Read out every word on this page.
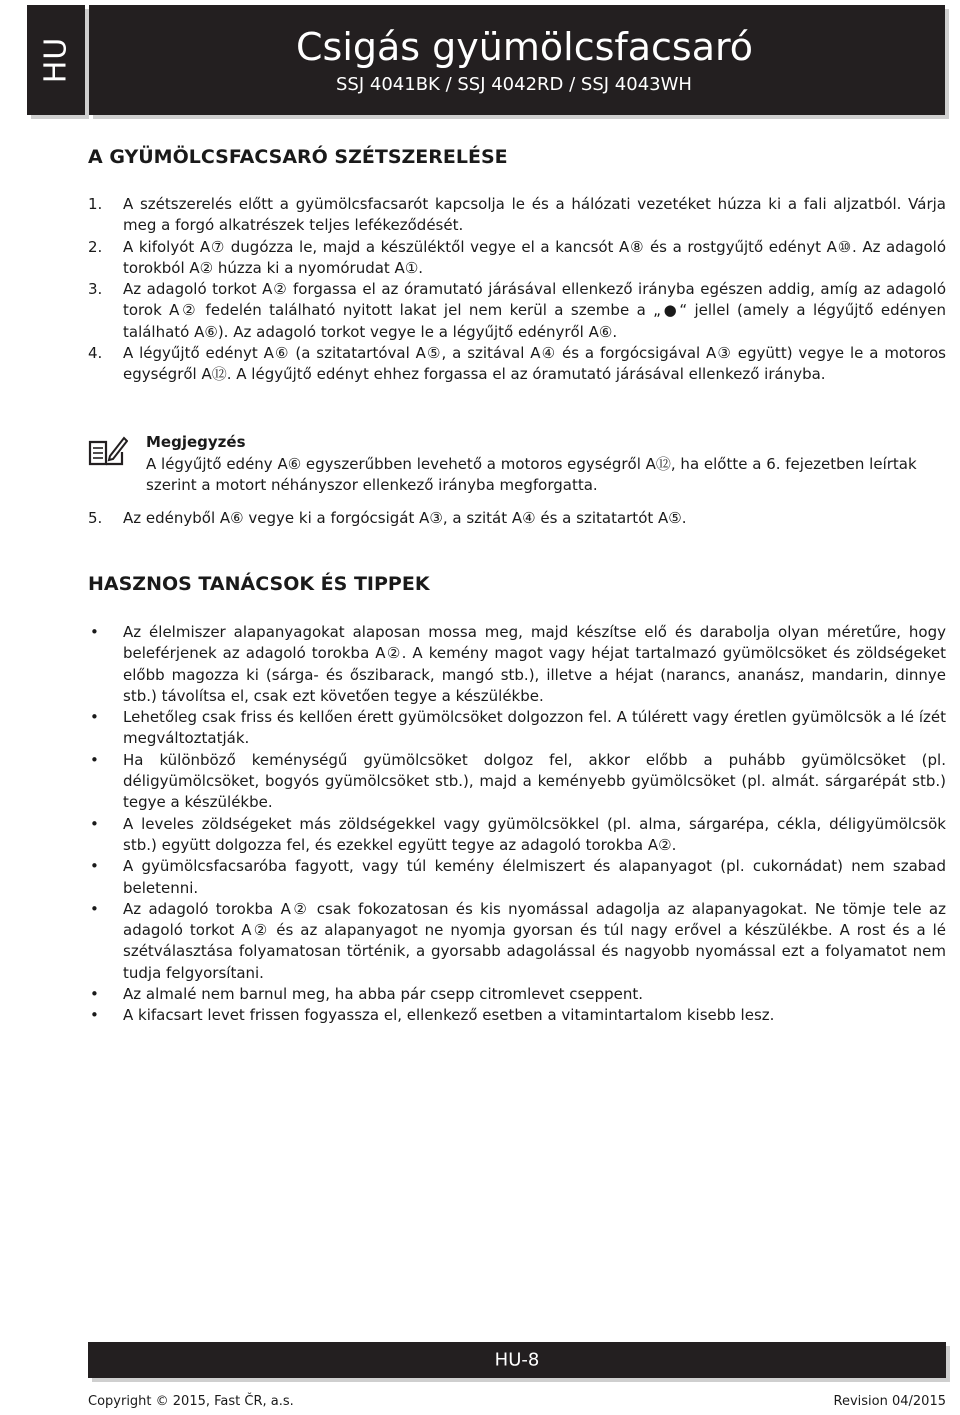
HU	Csigás gyümölcsfacsaró
SSJ 4041BK / SSJ 4042RD / SSJ 4043WH
A GYÜMÖLCSFACSARÓ SZÉTSZERELÉSE
1. A szétszerelés előtt a gyümölcsfacsarót kapcsolja le és a hálózati vezetéket húzza ki a fali aljzatból. Várja meg a forgó alkatrészek teljes lefékeződését.
2. A kifolyót A⑦ dugózza le, majd a készüléktől vegye el a kancsót A⑧ és a rostgyűjtő edényt A⑩. Az adagoló torokból A② húzza ki a nyomórudat A①.
3. Az adagoló torkot A② forgassa el az óramutató járásával ellenkező irányba egészen addig, amíg az adagoló torok A② fedelén található nyitott lakat jel nem kerül a szembe a „●“ jellel (amely a légyűjtő edényen található A⑥). Az adagoló torkot vegye le a légyűjtő edényről A⑥.
4. A légyűjtő edényt A⑥ (a szitatartóval A⑤, a szitával A④ és a forgócsigával A③ együtt) vegye le a motoros egységről A⑫. A légyűjtő edényt ehhez forgassa el az óramutató járásával ellenkező irányba.
Megjegyzés
A légyűjtő edény A⑥ egyszerűbben levehető a motoros egységről A⑫, ha előtte a 6. fejezetben leírtak szerint a motort néhányszor ellenkező irányba megforgatta.
5. Az edényből A⑥ vegye ki a forgócsigát A③, a szitát A④ és a szitatartót A⑤.
HASZNOS TANÁCSOK ÉS TIPPEK
• Az élelmiszer alapanyagokat alaposan mossa meg, majd készítse elő és darabolja olyan méretűre, hogy beleférjenek az adagoló torokba A②. A kemény magot vagy héjat tartalmazó gyümölcsöket és zöldségeket előbb magozza ki (sárga- és őszibarack, mangó stb.), illetve a héjat (narancs, ananász, mandarin, dinnye stb.) távolítsa el, csak ezt követően tegye a készülékbe.
• Lehetőleg csak friss és kellően érett gyümölcsöket dolgozzon fel. A túlérett vagy éretlen gyümölcsök a lé ízét megváltoztatják.
• Ha különböző keménységű gyümölcsöket dolgoz fel, akkor előbb a puhább gyümölcsöket (pl. déligyümölcsöket, bogyós gyümölcsöket stb.), majd a keményebb gyümölcsöket (pl. almát. sárgarépát stb.) tegye a készülékbe.
• A leveles zöldségeket más zöldségekkel vagy gyümölcsökkel (pl. alma, sárgarépa, cékla, déligyümölcsök stb.) együtt dolgozza fel, és ezekkel együtt tegye az adagoló torokba A②.
• A gyümölcsfacsaróba fagyott, vagy túl kemény élelmiszert és alapanyagot (pl. cukornádat) nem szabad beletenni.
• Az adagoló torokba A② csak fokozatosan és kis nyomással adagolja az alapanyagokat. Ne tömje tele az adagoló torkot A② és az alapanyagot ne nyomja gyorsan és túl nagy erővel a készülékbe. A rost és a lé szétválasztása folyamatosan történik, a gyorsabb adagolással és nagyobb nyomással ezt a folyamatot nem tudja felgyorsítani.
• Az almalé nem barnul meg, ha abba pár csepp citromlevet cseppent.
• A kifacsart levet frissen fogyassza el, ellenkező esetben a vitamintartalom kisebb lesz.
HU-8
Copyright © 2015, Fast ČR, a.s.	Revision 04/2015
